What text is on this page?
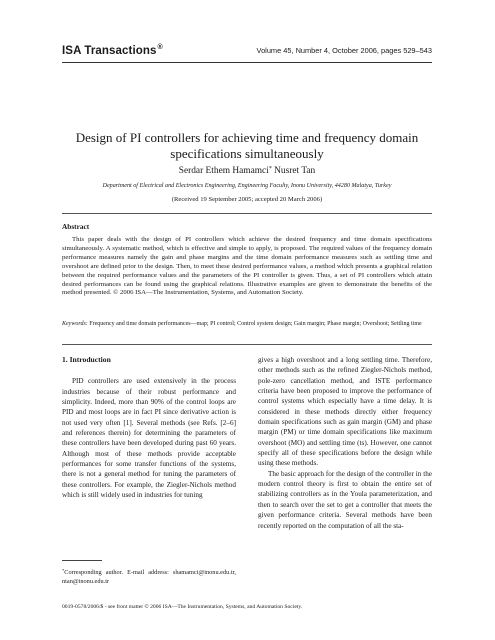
ISA Transactions®	Volume 45, Number 4, October 2006, pages 529–543
Design of PI controllers for achieving time and frequency domain specifications simultaneously
Serdar Ethem Hamamci* Nusret Tan
Department of Electrical and Electronics Engineering, Engineering Faculty, Inonu University, 44280 Malatya, Turkey
(Received 19 September 2005; accepted 20 March 2006)
Abstract

This paper deals with the design of PI controllers which achieve the desired frequency and time domain specifications simultaneously. A systematic method, which is effective and simple to apply, is proposed. The required values of the frequency domain performance measures namely the gain and phase margins and the time domain performance measures such as settling time and overshoot are defined prior to the design. Then, to meet these desired performance values, a method which presents a graphical relation between the required performance values and the parameters of the PI controller is given. Thus, a set of PI controllers which attain desired performances can be found using the graphical relations. Illustrative examples are given to demonstrate the benefits of the method presented. © 2006 ISA—The Instrumentation, Systems, and Automation Society.

Keywords: Frequency and time domain performances—map; PI control; Control system design; Gain margin; Phase margin; Overshoot; Settling time

1. Introduction

PID controllers are used extensively in the process industries because of their robust performance and simplicity. Indeed, more than 90% of the control loops are PID and most loops are in fact PI since derivative action is not used very often [1]. Several methods (see Refs. [2–6] and references therein) for determining the parameters of these controllers have been developed during past 60 years. Although most of these methods provide acceptable performances for some transfer functions of the systems, there is not a general method for tuning the parameters of these controllers. For example, the Ziegler-Nichols method which is still widely used in industries for tuning

gives a high overshoot and a long settling time. Therefore, other methods such as the refined Ziegler-Nichols method, pole-zero cancellation method, and ISTE performance criteria have been proposed to improve the performance of control systems which especially have a time delay. It is considered in these methods directly either frequency domain specifications such as gain margin (GM) and phase margin (PM) or time domain specifications like maximum overshoot (MO) and settling time (ts). However, one cannot specify all of these specifications before the design while using these methods.

The basic approach for the design of the controller in the modern control theory is first to obtain the entire set of stabilizing controllers as in the Youla parameterization, and then to search over the set to get a controller that meets the given performance criteria. Several methods have been recently reported on the computation of all the sta-

*Corresponding author. E-mail address: shamamci@inonu.edu.tr, ntan@inonu.edu.tr

0019-0578/2006/$ - see front matter © 2006 ISA—The Instrumentation, Systems, and Automation Society.
